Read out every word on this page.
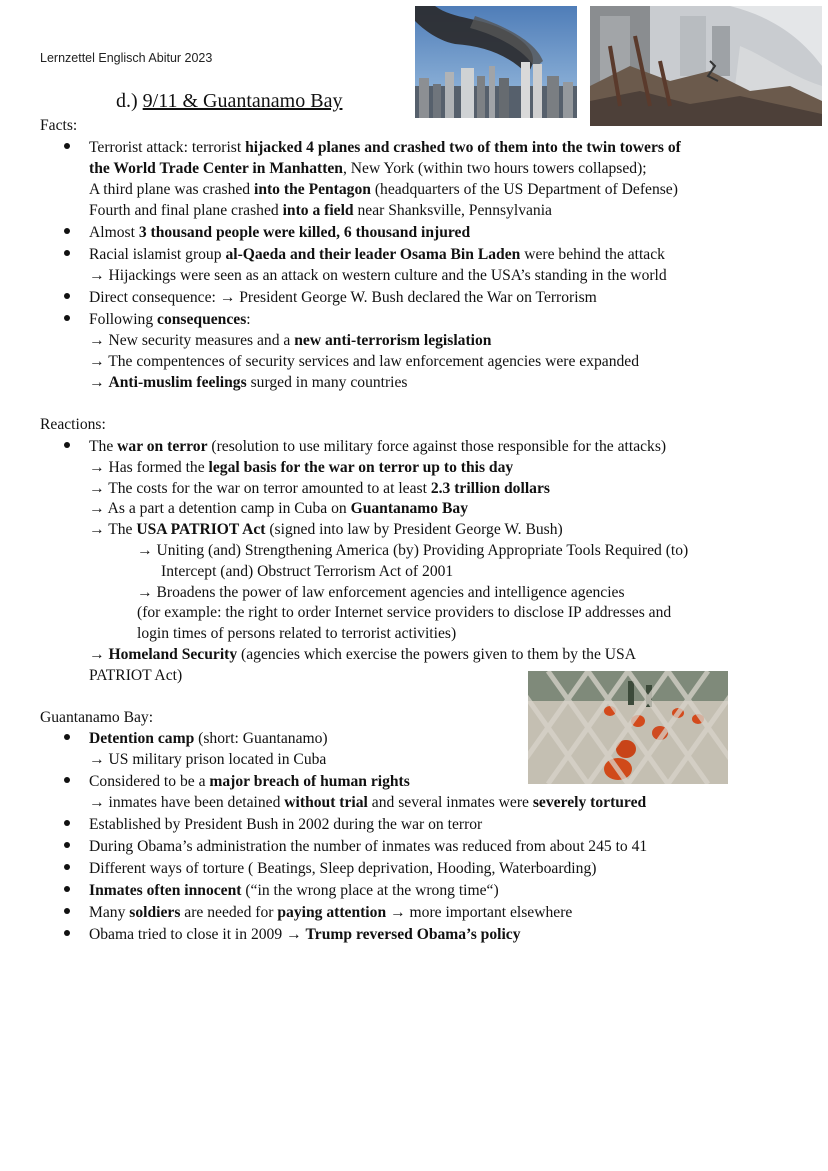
Lernzettel Englisch Abitur 2023
d.) 9/11 & Guantanamo Bay
Facts:
Terrorist attack: terrorist hijacked 4 planes and crashed two of them into the twin towers of
the World Trade Center in Manhatten, New York (within two hours towers collapsed);
A third plane was crashed into the Pentagon (headquarters of the US Department of Defense)
Fourth and final plane crashed into a field near Shanksville, Pennsylvania
Almost 3 thousand people were killed, 6 thousand injured
Racial islamist group al-Qaeda and their leader Osama Bin Laden were behind the attack
→ Hijackings were seen as an attack on western culture and the USA’s standing in the world
Direct consequence: → President George W. Bush declared the War on Terrorism
Following consequences:
→ New security measures and a new anti-terrorism legislation
→ The compentences of security services and law enforcement agencies were expanded
→ Anti-muslim feelings surged in many countries
Reactions:
The war on terror (resolution to use military force against those responsible for the attacks)
→ Has formed the legal basis for the war on terror up to this day
→ The costs for the war on terror amounted to at least 2.3 trillion dollars
→ As a part a detention camp in Cuba on Guantanamo Bay
→ The USA PATRIOT Act (signed into law by President George W. Bush)
→ Uniting (and) Strengthening America (by) Providing Appropriate Tools Required (to)
Intercept (and) Obstruct Terrorism Act of 2001
→ Broadens the power of law enforcement agencies and intelligence agencies
(for example: the right to order Internet service providers to disclose IP addresses and
login times of persons related to terrorist activities)
→ Homeland Security (agencies which exercise the powers given to them by the USA
PATRIOT Act)
Guantanamo Bay:
Detention camp (short: Guantanamo)
→ US military prison located in Cuba
Considered to be a major breach of human rights
→ inmates have been detained without trial and several inmates were severely tortured
Established by President Bush in 2002 during the war on terror
During Obama’s administration the number of inmates was reduced from about 245 to 41
Different ways of torture ( Beatings, Sleep deprivation, Hooding, Waterboarding)
Inmates often innocent (“in the wrong place at the wrong time“)
Many soldiers are needed for paying attention → more important elsewhere
Obama tried to close it in 2009 → Trump reversed Obama’s policy
